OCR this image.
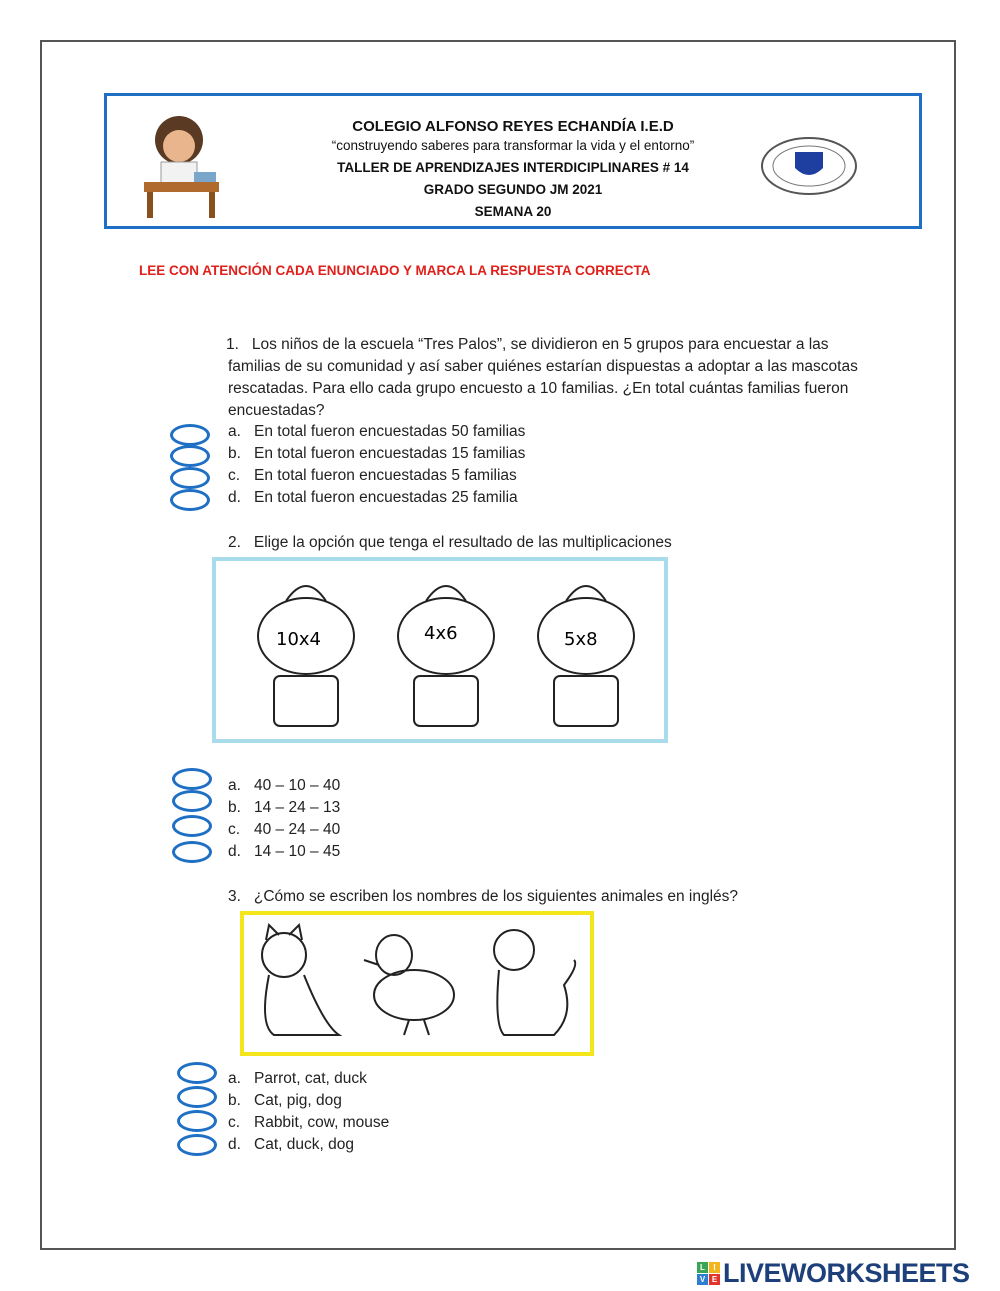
COLEGIO ALFONSO REYES ECHANDÍA I.E.D
“construyendo saberes para transformar la vida y el entorno”
TALLER DE APRENDIZAJES INTERDICIPLINARES # 14
GRADO SEGUNDO JM 2021
SEMANA 20
LEE CON ATENCIÓN CADA ENUNCIADO Y MARCA LA RESPUESTA CORRECTA
1. Los niños de la escuela “Tres Palos”, se dividieron en 5 grupos para encuestar a las familias de su comunidad y así saber quiénes estarían dispuestas a adoptar a las mascotas rescatadas. Para ello cada grupo encuesto a 10 familias. ¿En total cuántas familias fueron encuestadas?
a. En total fueron encuestadas 50 familias
b. En total fueron encuestadas 15 familias
c. En total fueron encuestadas 5 familias
d. En total fueron encuestadas 25 familia
2. Elige la opción que tenga el resultado de las multiplicaciones
10x4	4x6	5x8
a. 40 – 10 – 40
b. 14 – 24 – 13
c. 40 – 24 – 40
d. 14 – 10 – 45
3. ¿Cómo se escriben los nombres de los siguientes animales en inglés?
a. Parrot, cat, duck
b. Cat, pig, dog
c. Rabbit, cow, mouse
d. Cat, duck, dog
L	I
V E LIVEWORKSHEETS
